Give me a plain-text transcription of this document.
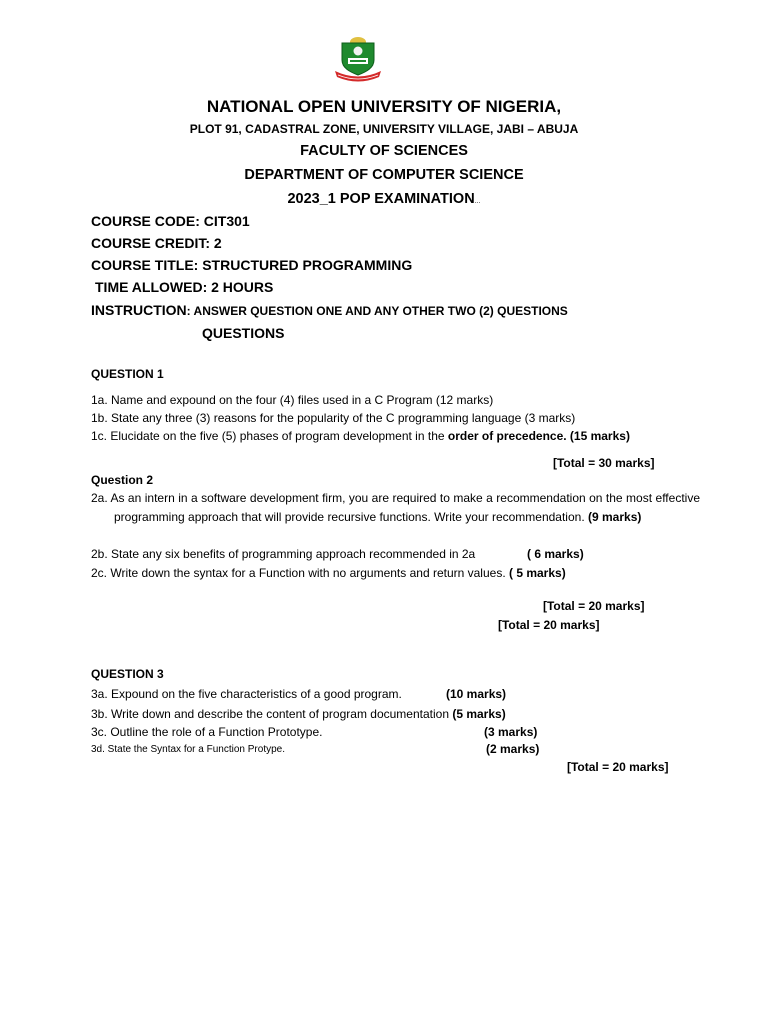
NATIONAL OPEN UNIVERSITY OF NIGERIA,
PLOT 91, CADASTRAL ZONE, UNIVERSITY VILLAGE, JABI – ABUJA
FACULTY OF SCIENCES
DEPARTMENT OF COMPUTER SCIENCE
2023_1 POP EXAMINATION...
COURSE CODE: CIT301
COURSE CREDIT: 2
COURSE TITLE: STRUCTURED PROGRAMMING
TIME ALLOWED: 2 HOURS
INSTRUCTION: ANSWER QUESTION ONE AND ANY OTHER TWO (2) QUESTIONS
QUESTIONS
QUESTION 1
1a. Name and expound on the four (4) files used in a C Program (12 marks)
1b. State any three (3) reasons for the popularity of the C programming language (3 marks)
1c. Elucidate on the five (5) phases of program development in the order of precedence. (15 marks)
[Total = 30 marks]
Question 2
2a. As an intern in a software development firm, you are required to make a recommendation on the most effective programming approach that will provide recursive functions. Write your recommendation. (9 marks)
2b. State any six benefits of programming approach recommended in 2a	( 6 marks)
2c. Write down the syntax for a Function with no arguments and return values. ( 5 marks)
[Total = 20 marks]
[Total = 20 marks]
QUESTION 3
3a. Expound on the five characteristics of a good program.	(10 marks)
3b. Write down and describe the content of program documentation (5 marks)
3c. Outline the role of a Function Prototype.	(3 marks)
3d. State the Syntax for a Function Protype.	(2 marks)
[Total = 20 marks]
